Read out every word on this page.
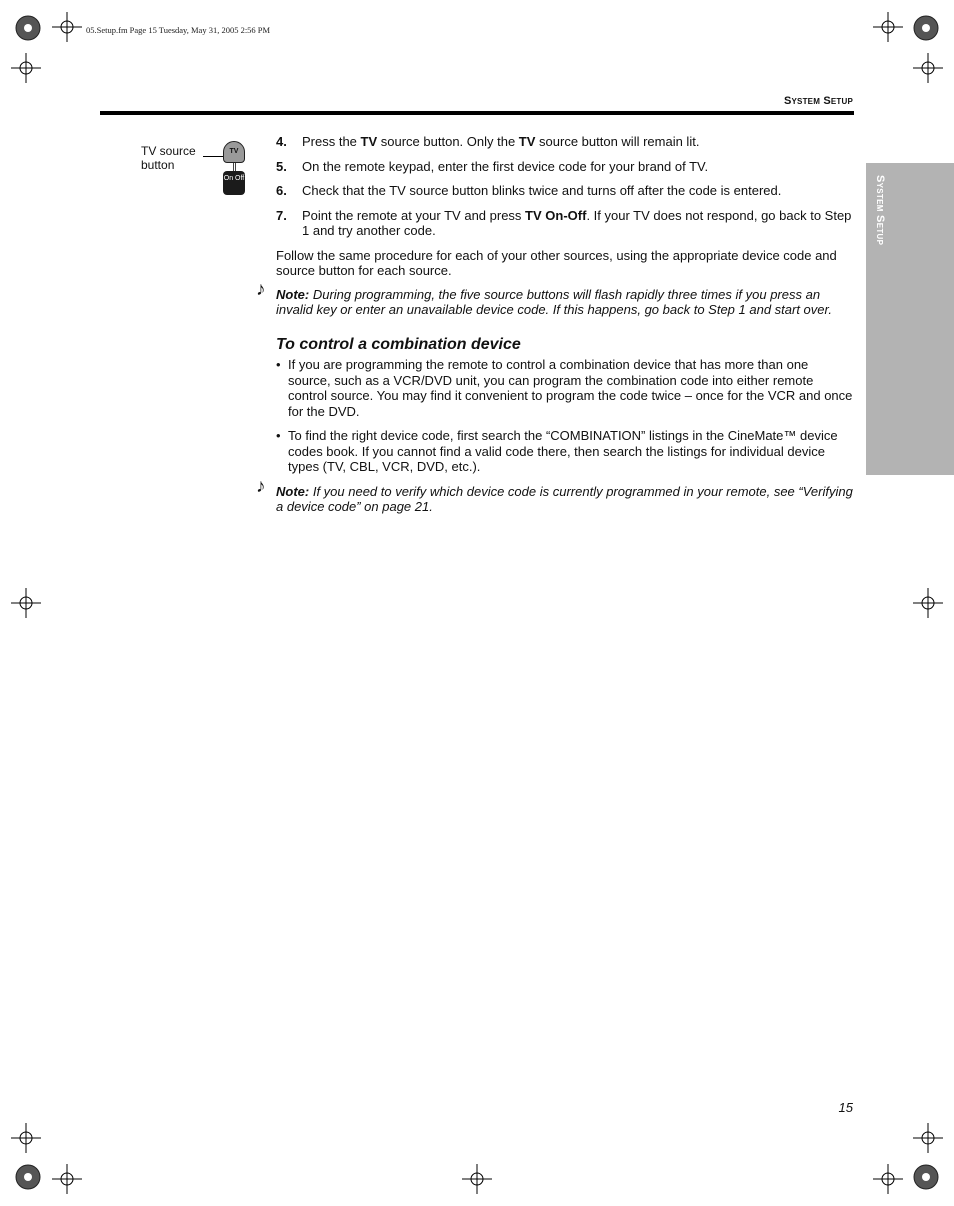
05.Setup.fm Page 15 Tuesday, May 31, 2005 2:56 PM
System Setup
System Setup
TV source button
TV
On Off
4.	Press the TV source button. Only the TV source button will remain lit.
5.	On the remote keypad, enter the first device code for your brand of TV.
6.	Check that the TV source button blinks twice and turns off after the code is entered.
7.	Point the remote at your TV and press TV On-Off. If your TV does not respond, go back to Step 1 and try another code.

Follow the same procedure for each of your other sources, using the appropriate device code and source button for each source.

♪ Note: During programming, the five source buttons will flash rapidly three times if you press an invalid key or enter an unavailable device code. If this happens, go back to Step 1 and start over.
To control a combination device
• If you are programming the remote to control a combination device that has more than one source, such as a VCR/DVD unit, you can program the combination code into either remote control source. You may find it convenient to program the code twice – once for the VCR and once for the DVD.
• To find the right device code, first search the “COMBINATION” listings in the CineMate™ device codes book. If you cannot find a valid code there, then search the listings for individual device types (TV, CBL, VCR, DVD, etc.).
♪ Note: If you need to verify which device code is currently programmed in your remote, see “Verifying a device code” on page 21.
15
